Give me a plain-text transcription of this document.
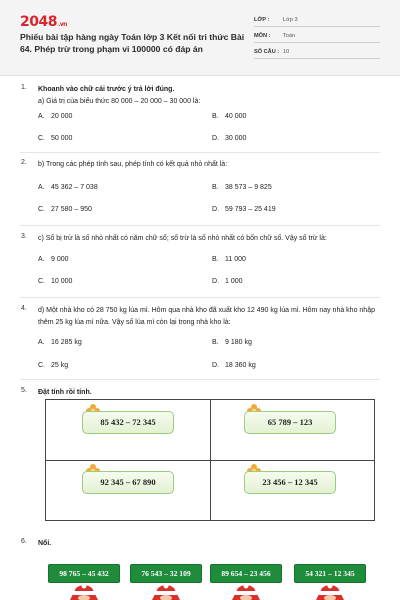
2048.vn
Phiếu bài tập hàng ngày Toán lớp 3 Kết nối tri thức Bài 64. Phép trừ trong phạm vi 100000 có đáp án
LỚP : Lớp 3
MÔN : Toán
SỐ CÂU : 10
1. Khoanh vào chữ cái trước ý trả lời đúng.
a) Giá trị của biểu thức 80 000 – 20 000 – 30 000 là:
A. 20 000	B. 40 000
C. 50 000	D. 30 000
2. b) Trong các phép tính sau, phép tính có kết quả nhỏ nhất là:
A. 45 362 – 7 038	B. 38 573 – 9 825
C. 27 580 – 950	D. 59 793 – 25 419
3. c) Số bị trừ là số nhỏ nhất có năm chữ số; số trừ là số nhỏ nhất có bốn chữ số. Vậy số trừ là:
A. 9 000	B. 11 000
C. 10 000	D. 1 000
4. d) Một nhà kho có 28 750 kg lúa mì. Hôm qua nhà kho đã xuất kho 12 490 kg lúa mì. Hôm nay nhà kho nhập thêm 25 kg lúa mì nữa. Vậy số lúa mì còn lại trong nhà kho là:
A. 16 285 kg	B. 9 180 kg
C. 25 kg	D. 18 360 kg
5. Đặt tính rồi tính.
85 432 – 72 345	65 789 – 123
92 345 – 67 890	23 456 – 12 345
6. Nối.
98 765 – 45 432	76 543 – 32 109	89 654 – 23 456	54 321 – 12 345
